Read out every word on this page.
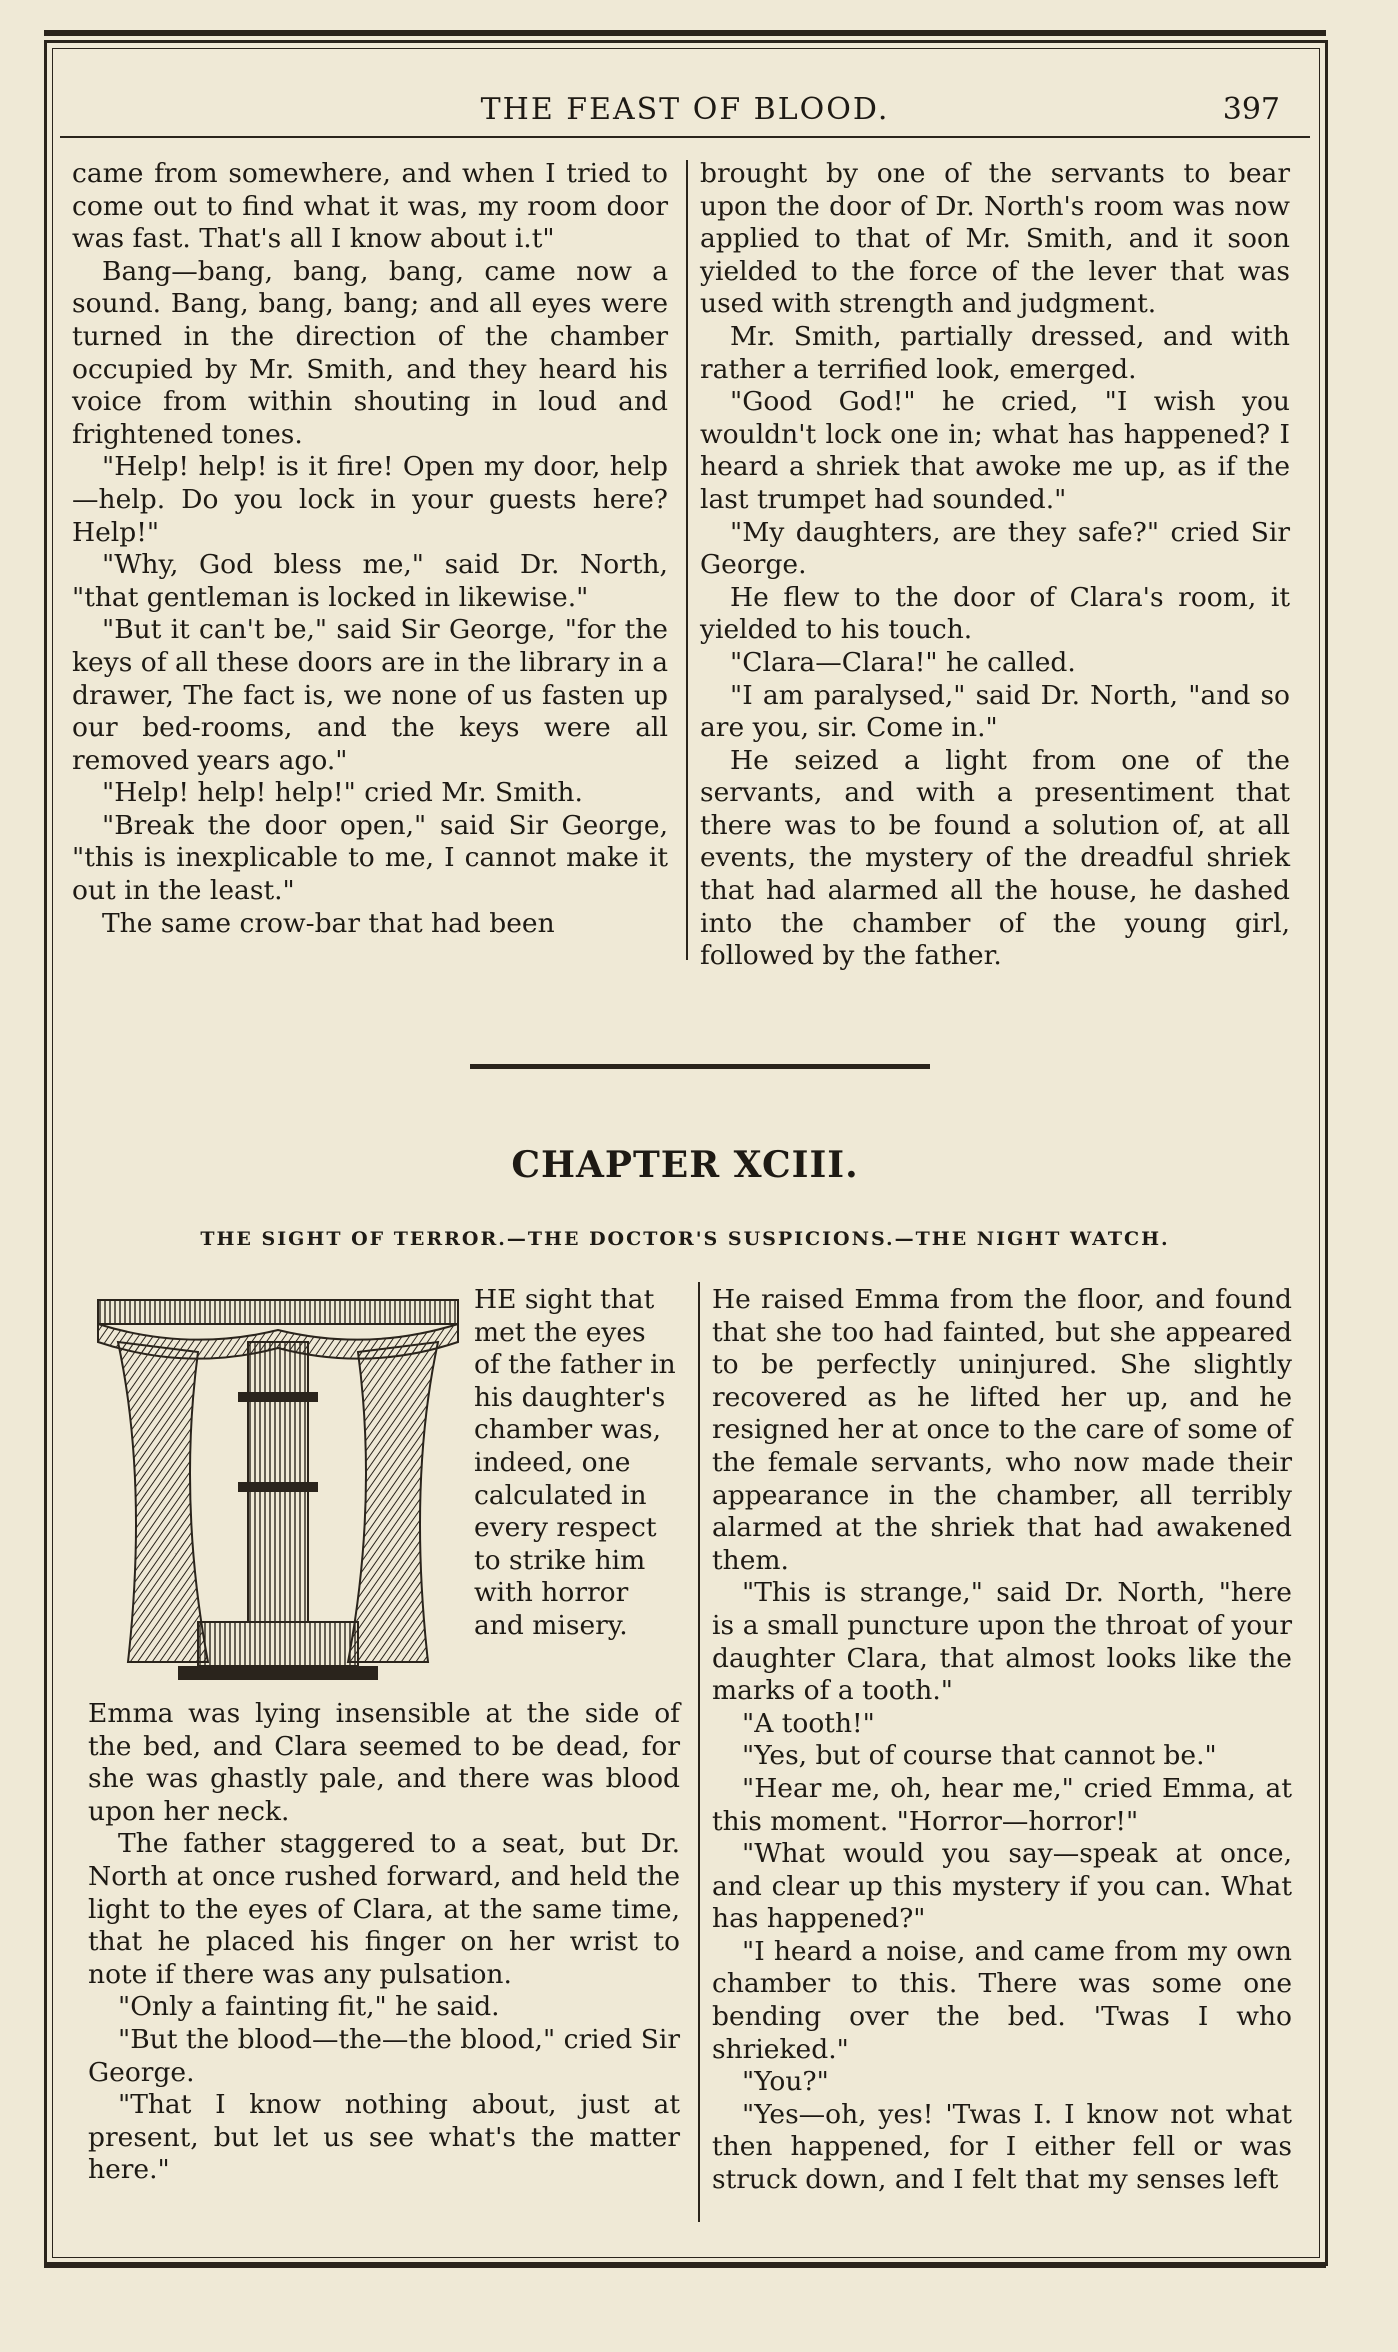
THE FEAST OF BLOOD.	397

came from somewhere, and when I tried to come out to find what it was, my room door was fast. That's all I know about i.t"

Bang—bang, bang, bang, came now a sound. Bang, bang, bang; and all eyes were turned in the direction of the chamber occupied by Mr. Smith, and they heard his voice from within shouting in loud and frightened tones.

"Help! help! is it fire! Open my door, help—help. Do you lock in your guests here? Help!"

"Why, God bless me," said Dr. North, "that gentleman is locked in likewise."

"But it can't be," said Sir George, "for the keys of all these doors are in the library in a drawer, The fact is, we none of us fasten up our bed-rooms, and the keys were all removed years ago."

"Help! help! help!" cried Mr. Smith.

"Break the door open," said Sir George, "this is inexplicable to me, I cannot make it out in the least."

The same crow-bar that had been

brought by one of the servants to bear upon the door of Dr. North's room was now applied to that of Mr. Smith, and it soon yielded to the force of the lever that was used with strength and judgment.

Mr. Smith, partially dressed, and with rather a terrified look, emerged.

"Good God!" he cried, "I wish you wouldn't lock one in; what has happened? I heard a shriek that awoke me up, as if the last trumpet had sounded."

"My daughters, are they safe?" cried Sir George.

He flew to the door of Clara's room, it yielded to his touch.

"Clara—Clara!" he called.

"I am paralysed," said Dr. North, "and so are you, sir. Come in."

He seized a light from one of the servants, and with a presentiment that there was to be found a solution of, at all events, the mystery of the dreadful shriek that had alarmed all the house, he dashed into the chamber of the young girl, followed by the father.

CHAPTER XCIII.
THE SIGHT OF TERROR.—THE DOCTOR'S SUSPICIONS.—THE NIGHT WATCH.
HE sight that met the eyes of the father in his daughter's chamber was, indeed, one calculated in every respect to strike him with horror and misery.

Emma was lying insensible at the side of the bed, and Clara seemed to be dead, for she was ghastly pale, and there was blood upon her neck.

The father staggered to a seat, but Dr. North at once rushed forward, and held the light to the eyes of Clara, at the same time, that he placed his finger on her wrist to note if there was any pulsation.

"Only a fainting fit," he said.

"But the blood—the—the blood," cried Sir George.

"That I know nothing about, just at present, but let us see what's the matter here."

He raised Emma from the floor, and found that she too had fainted, but she appeared to be perfectly uninjured. She slightly recovered as he lifted her up, and he resigned her at once to the care of some of the female servants, who now made their appearance in the chamber, all terribly alarmed at the shriek that had awakened them.

"This is strange," said Dr. North, "here is a small puncture upon the throat of your daughter Clara, that almost looks like the marks of a tooth."

"A tooth!"

"Yes, but of course that cannot be."

"Hear me, oh, hear me," cried Emma, at this moment. "Horror—horror!"

"What would you say—speak at once, and clear up this mystery if you can. What has happened?"

"I heard a noise, and came from my own chamber to this. There was some one bending over the bed. 'Twas I who shrieked."

"You?"

"Yes—oh, yes! 'Twas I. I know not what then happened, for I either fell or was struck down, and I felt that my senses left
